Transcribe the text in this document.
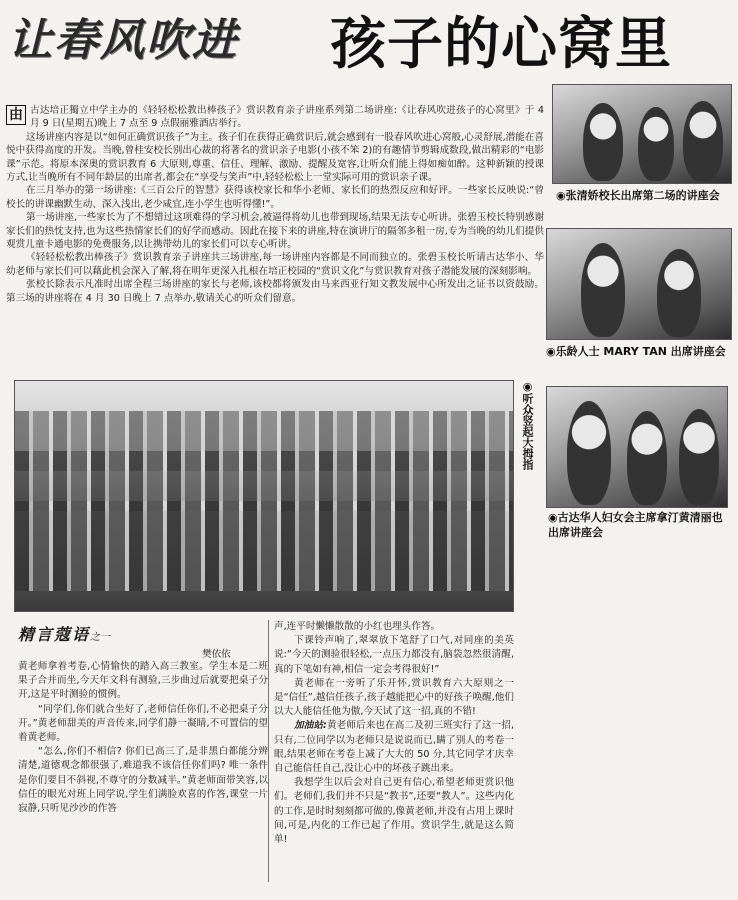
让春风吹进 孩子的心窝里

由 古达培正獨立中学主办的《轻轻松松教出棒孩子》赏识教育亲子讲座系列第二场讲座:《让春风吹进孩子的心窝里》于 4 月 9 日(星期五)晚上 7 点至 9 点假丽雅酒店举行。

这场讲座内容是以“如何正确赏识孩子”为主。孩子们在获得正确赏识后,就会感到有一股春风吹进心窝般,心灵舒展,潜能在喜悦中获得高度的开发。当晚,曾桂安校长别出心裁的将著名的赏识亲子电影(小孩不笨 2)的有趣情节剪辑成数段,做出精彩的“电影课”示范。将原本深奥的赏识教育 6 大原则,尊重、信任、理解、激励、提醒及宽容,让听众们能上得如痴如醉。这种新颖的授课方式,让当晚所有不同年龄层的出席者,都会在“享受与笑声”中,轻轻松松上一堂实际可用的赏识亲子课。

在三月举办的第一场讲座:《三百公斤的智慧》获得该校家长和华小老师、家长们的热烈反应和好评。一些家长反映说:“曾校长的讲课幽默生动、深入浅出,老少咸宜,连小学生也听得懂!”。

第一场讲座,一些家长为了不想错过这项难得的学习机会,被逼得将幼儿也带到现场,结果无法专心听讲。张碧玉校长特别感谢家长们的热忱支持,也为这些热情家长们的好学而感动。因此在接下来的讲座,特在演讲厅的隔邻多租一房,专为当晚的幼儿们提供观赏儿童卡通电影的免费服务,以让携带幼儿的家长们可以专心听讲。

《轻轻松松教出棒孩子》赏识教育亲子讲座共三场讲座,每一场讲座内容都是不同而独立的。张碧玉校长听请古达华小、华幼老师与家长们可以藉此机会深入了解,将在明年更深入扎根在培正校园的“赏识文化”与赏识教育对孩子潜能发展的深刻影响。

张校长除表示凡准时出席全程三场讲座的家长与老师,该校都将颁发由马来西亚行知文教发展中心所发出之证书以资鼓励。第三场的讲座将在 4 月 30 日晚上 7 点举办,敬请关心的听众们留意。

◉张清娇校长出席第二场的讲座会
◉乐龄人士 MARY TAN 出席讲座会
◉古达华人妇女会主席拿汀黄清丽也出席讲座会
◉听众竖起大拇指
精言蔻语之一
樊依依

黄老师拿着考卷,心情愉快的踏入高三教室。学生本是二班果子合并而坐,今天年文科有测验,三步曲过后就要把桌子分开,这是平时测验的惯例。

“同学们,你们就合坐好了,老师信任你们,不必把桌子分开。”黄老师甜美的声音传来,同学们静一凝睛,不可置信的望着黄老师。

“怎么,你们不相信? 你们已高三了,是非黑白都能分辨清楚,道德观念都很强了,难道我不该信任你们吗? 唯一条件是你们要目不斜视,不尊守的分数减半。”黄老师面带笑容,以信任的眼光对班上同学说,学生们满脸欢喜的作答,课堂一片寂静,只听见沙沙的作答

声,连平时懒懒散散的小红也埋头作答。

下课铃声响了,翠翠放下笔舒了口气,对同座的美英说:“今天的测验很轻松,一点压力都没有,脑袋忽然很清醒,真的下笔如有神,相信一定会考得很好!”

黄老师在一旁听了乐开怀,赏识教育六大原则之一是“信任”,越信任孩子,孩子越能把心中的好孩子唤醒,他们以大人能信任他为傲,今天试了这一招,真的不错!

加油站:黄老师后来也在高二及初三班实行了这一招,只有,二位同学以为老师只是说说而已,瞒了别人的考卷一眼,结果老师在考卷上减了大大的 50 分,其它同学才庆幸自己能信任自己,没让心中的坏孩子跳出来。

我想学生以后会对自己更有信心,希望老师更赏识他们。老师们,我们并不只是“教书”,还要“教人”。这些内化的工作,是时时刻刻都可做的,像黄老师,并没有占用上课时间,可是,内化的工作已起了作用。赏识学生,就是这么简单!
